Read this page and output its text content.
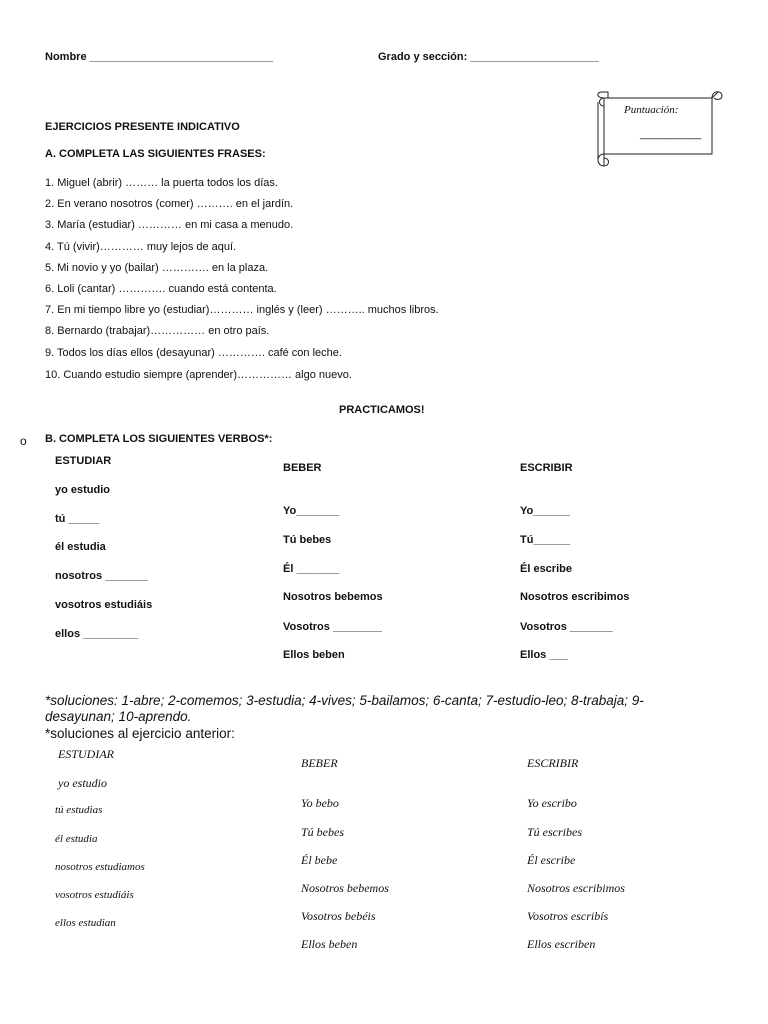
Nombre ______________________________	Grado y sección: _____________________
Puntuación:
__________
EJERCICIOS PRESENTE INDICATIVO
A. COMPLETA LAS SIGUIENTES FRASES:
1. Miguel (abrir) ……… la puerta todos los días.
2. En verano nosotros (comer) ………. en el jardín.
3. María (estudiar) ………… en mi casa a menudo.
4. Tú (vivir)………… muy lejos de aquí.
5. Mi novio y yo (bailar) …………. en la plaza.
6. Loli (cantar) …………. cuando está contenta.
7. En mi tiempo libre yo (estudiar)………… inglés y (leer) ……….. muchos libros.
8. Bernardo (trabajar)…………… en otro país.
9. Todos los días ellos (desayunar) …………. café con leche.
10. Cuando estudio siempre (aprender)…………… algo nuevo.
PRACTICAMOS!
o B. COMPLETA LOS SIGUIENTES VERBOS*:
ESTUDIAR
yo estudio
tú _____
él estudia
nosotros _______
vosotros estudiáis
ellos _________
BEBER
Yo_______
Tú bebes
Él _______
Nosotros bebemos
Vosotros ________
Ellos beben
ESCRIBIR
Yo______
Tú______
Él escribe
Nosotros escribimos
Vosotros _______
Ellos ___
*soluciones: 1-abre; 2-comemos; 3-estudia; 4-vives; 5-bailamos; 6-canta; 7-estudio-leo; 8-trabaja; 9-
desayunan; 10-aprendo.
*soluciones al ejercicio anterior:
ESTUDIAR
yo estudio
tú estudias
él estudia
nosotros estudiamos
vosotros estudiáis
ellos estudian
BEBER
Yo bebo
Tú bebes
Él bebe
Nosotros bebemos
Vosotros bebéis
Ellos beben
ESCRIBIR
Yo escribo
Tú escribes
Él escribe
Nosotros escribimos
Vosotros escribís
Ellos escriben
